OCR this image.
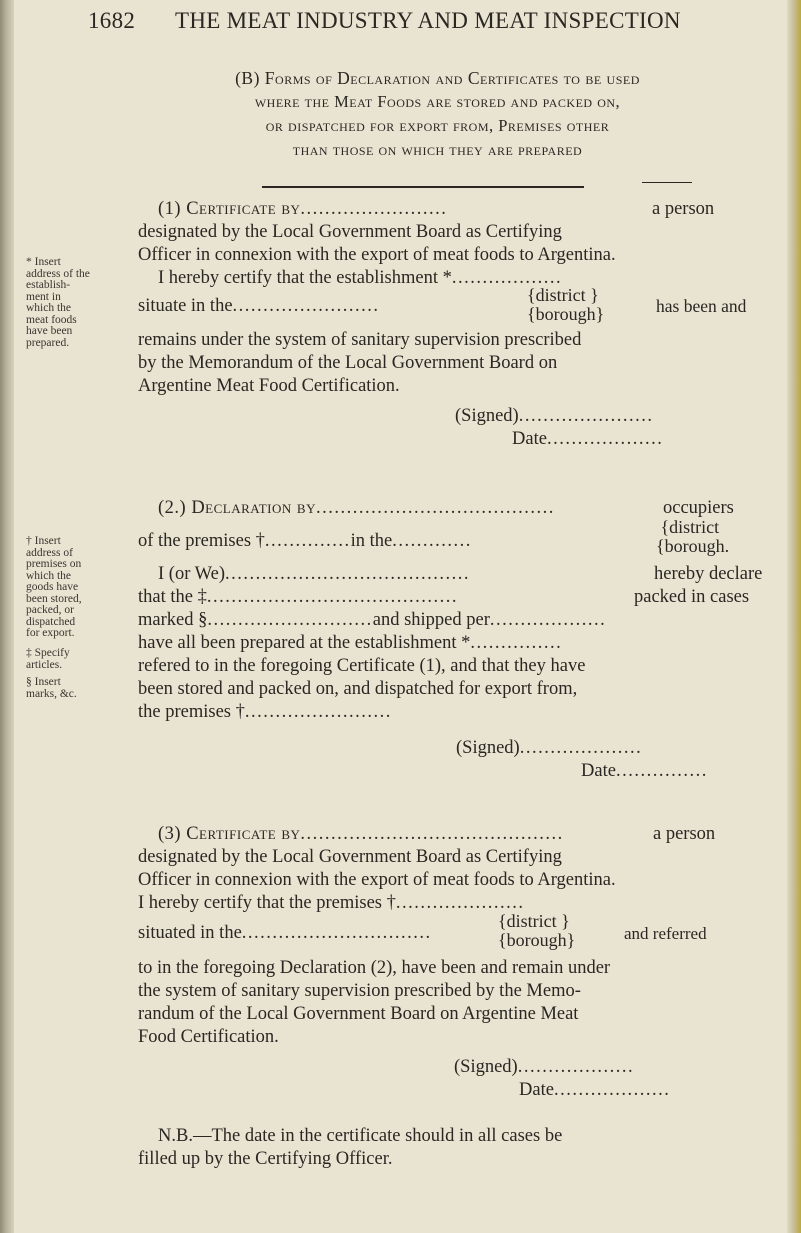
1682 THE MEAT INDUSTRY AND MEAT INSPECTION
(B) Forms of Declaration and Certificates to be used
where the Meat Foods are stored and packed on,
or dispatched for export from, Premises other
than those on which they are prepared
* Insert
address of the
establish-
ment in
which the
meat foods
have been
prepared.
† Insert
address of
premises on
which the
goods have
been stored,
packed, or
dispatched
for export.
‡ Specify
articles.
§ Insert
marks, &c.
(1) Certificate by........................	a person
designated by the Local Government Board as Certifying
Officer in connexion with the export of meat foods to Argentina.
I hereby certify that the establishment *..................
situate in the........................
{district }
{borough}	has been and
remains under the system of sanitary supervision prescribed
by the Memorandum of the Local Government Board on
Argentine Meat Food Certification.
(Signed)......................
Date...................
(2.) Declaration by.......................................	occupiers
of the premises †..............in the.............
{district
{borough.
I (or We)........................................	hereby declare
that the ‡.........................................	packed in cases
marked §...........................and shipped per...................
have all been prepared at the establishment *...............
refered to in the foregoing Certificate (1), and that they have
been stored and packed on, and dispatched for export from,
the premises †........................
(Signed)....................
Date...............
(3) Certificate by...........................................	a person
designated by the Local Government Board as Certifying
Officer in connexion with the export of meat foods to Argentina.
I hereby certify that the premises †.....................
situated in the...............................
{district }
{borough}	and referred
to in the foregoing Declaration (2), have been and remain under
the system of sanitary supervision prescribed by the Memo-
randum of the Local Government Board on Argentine Meat
Food Certification.
(Signed)...................
Date...................
N.B.—The date in the certificate should in all cases be
filled up by the Certifying Officer.
